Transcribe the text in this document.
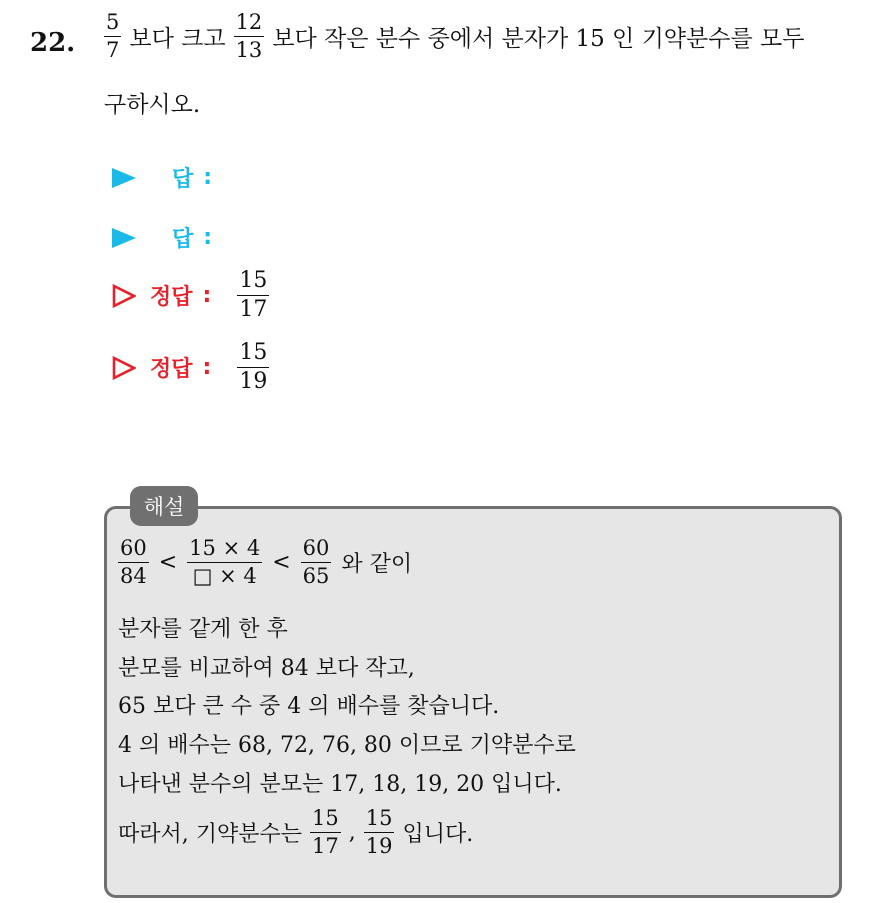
22. $\frac{5}{7}$ 보다 크고 $\frac{12}{13}$ 보다 작은 분수 중에서 분자가 15 인 기약분수를 모두
구하시오.
답 :
답 :
정답 : $\frac{15}{17}$
정답 : $\frac{15}{19}$
해설
$\frac{60}{84} < \frac{15 \times 4}{□ \times 4} < \frac{60}{65}$ 와 같이
분자를 같게 한 후
분모를 비교하여 84 보다 작고,
65 보다 큰 수 중 4 의 배수를 찾습니다.
4 의 배수는 68, 72, 76, 80 이므로 기약분수로
나타낸 분수의 분모는 17, 18, 19, 20 입니다.
따라서, 기약분수는 $\frac{15}{17}$ , $\frac{15}{19}$ 입니다.
